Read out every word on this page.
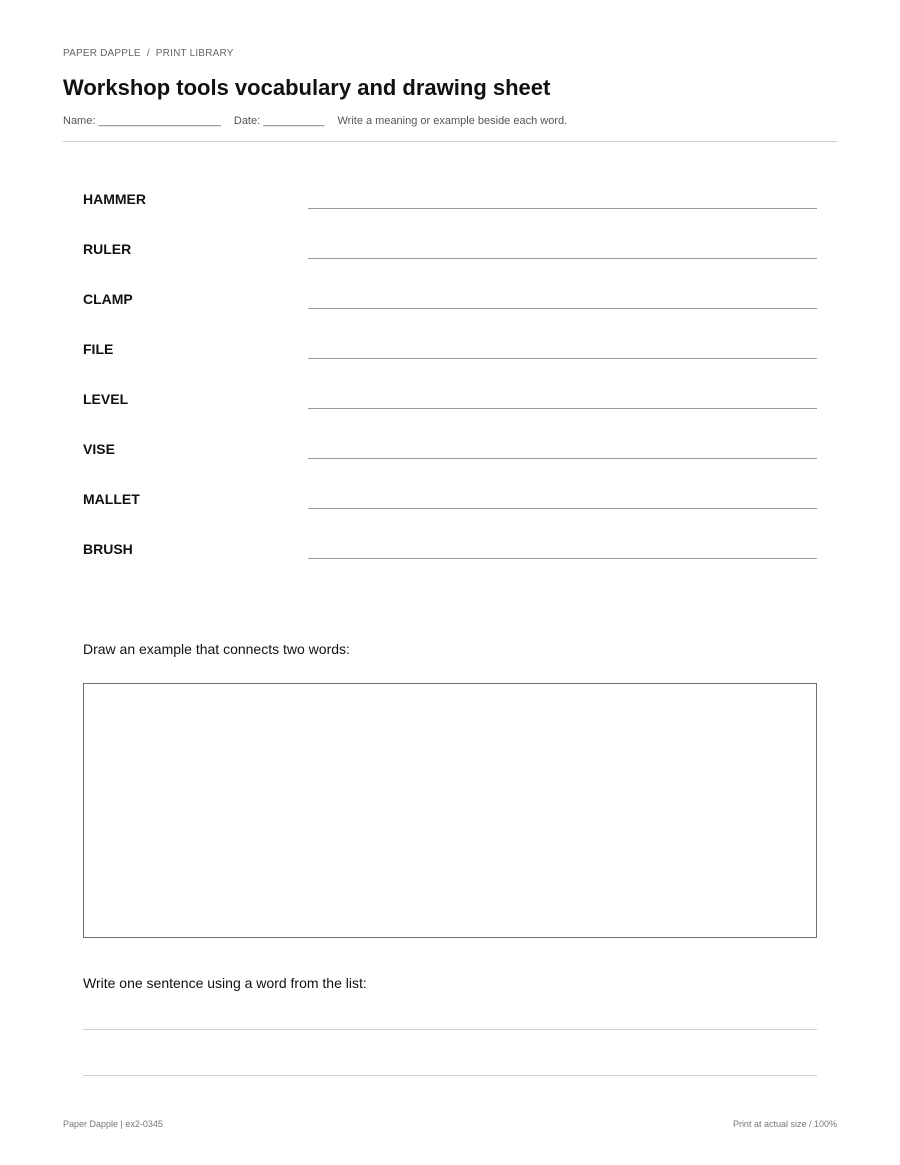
PAPER DAPPLE / PRINT LIBRARY
Workshop tools vocabulary and drawing sheet
Name: ____________________ Date: __________ Write a meaning or example beside each word.
HAMMER
RULER
CLAMP
FILE
LEVEL
VISE
MALLET
BRUSH
Draw an example that connects two words:
Write one sentence using a word from the list:
Paper Dapple | ex2-0345	Print at actual size / 100%
